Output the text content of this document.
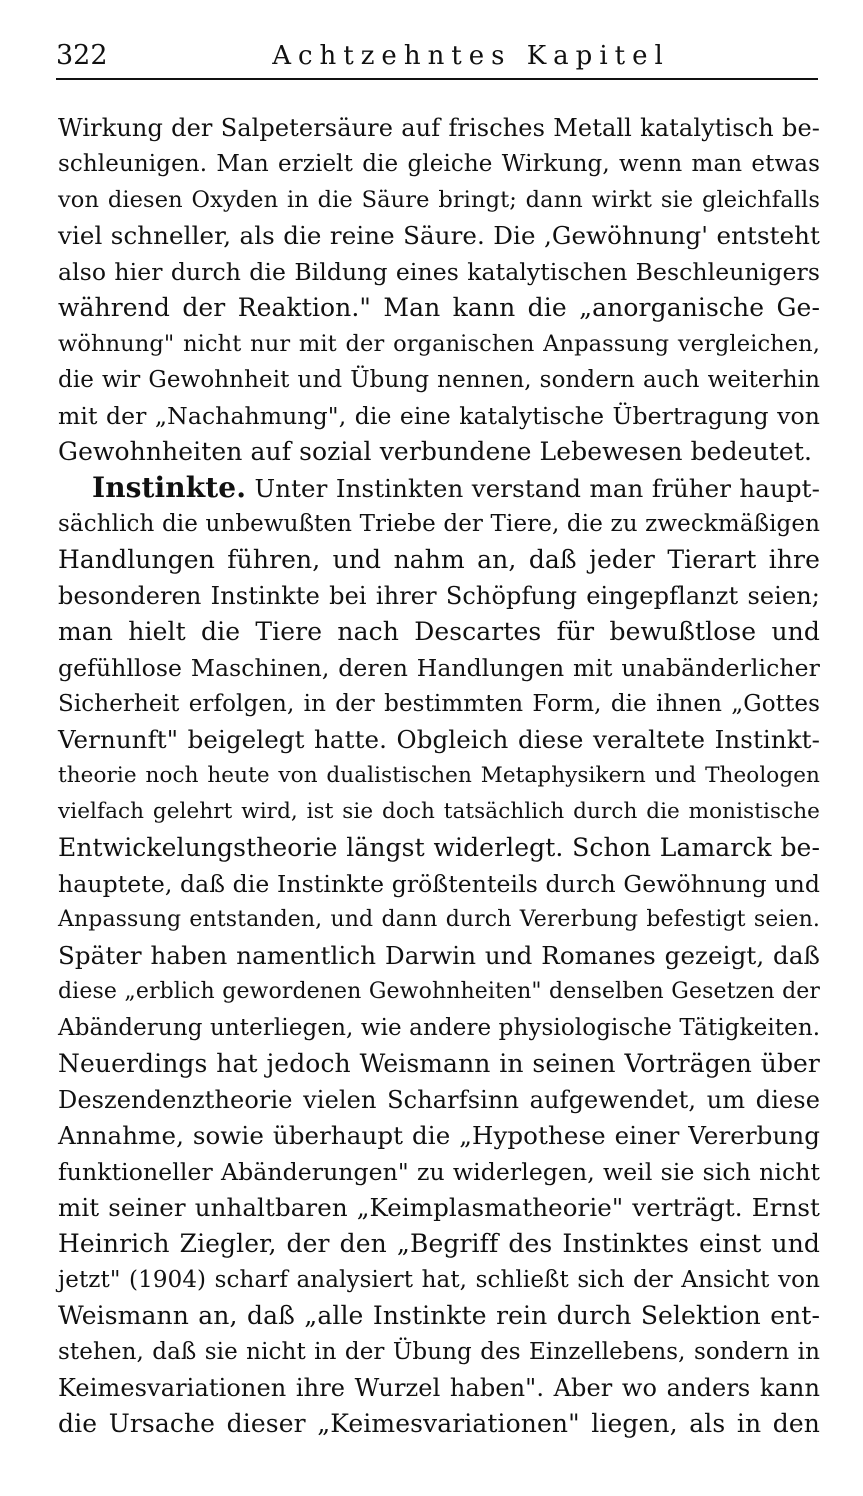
322	Achtzehntes Kapitel
Wirkung der Salpetersäure auf frisches Metall katalytisch be-
schleunigen. Man erzielt die gleiche Wirkung, wenn man etwas
von diesen Oxyden in die Säure bringt; dann wirkt sie gleichfalls
viel schneller, als die reine Säure. Die ‚Gewöhnung' entsteht
also hier durch die Bildung eines katalytischen Beschleunigers
während der Reaktion." Man kann die „anorganische Ge-
wöhnung" nicht nur mit der organischen Anpassung vergleichen,
die wir Gewohnheit und Übung nennen, sondern auch weiterhin
mit der „Nachahmung", die eine katalytische Übertragung von
Gewohnheiten auf sozial verbundene Lebewesen bedeutet.
Instinkte. Unter Instinkten verstand man früher haupt-
sächlich die unbewußten Triebe der Tiere, die zu zweckmäßigen
Handlungen führen, und nahm an, daß jeder Tierart ihre
besonderen Instinkte bei ihrer Schöpfung eingepflanzt seien;
man hielt die Tiere nach Descartes für bewußtlose und
gefühllose Maschinen, deren Handlungen mit unabänderlicher
Sicherheit erfolgen, in der bestimmten Form, die ihnen „Gottes
Vernunft" beigelegt hatte. Obgleich diese veraltete Instinkt-
theorie noch heute von dualistischen Metaphysikern und Theologen
vielfach gelehrt wird, ist sie doch tatsächlich durch die monistische
Entwickelungstheorie längst widerlegt. Schon Lamarck be-
hauptete, daß die Instinkte größtenteils durch Gewöhnung und
Anpassung entstanden, und dann durch Vererbung befestigt seien.
Später haben namentlich Darwin und Romanes gezeigt, daß
diese „erblich gewordenen Gewohnheiten" denselben Gesetzen der
Abänderung unterliegen, wie andere physiologische Tätigkeiten.
Neuerdings hat jedoch Weismann in seinen Vorträgen über
Deszendenztheorie vielen Scharfsinn aufgewendet, um diese
Annahme, sowie überhaupt die „Hypothese einer Vererbung
funktioneller Abänderungen" zu widerlegen, weil sie sich nicht
mit seiner unhaltbaren „Keimplasmatheorie" verträgt. Ernst
Heinrich Ziegler, der den „Begriff des Instinktes einst und
jetzt" (1904) scharf analysiert hat, schließt sich der Ansicht von
Weismann an, daß „alle Instinkte rein durch Selektion ent-
stehen, daß sie nicht in der Übung des Einzellebens, sondern in
Keimesvariationen ihre Wurzel haben". Aber wo anders kann
die Ursache dieser „Keimesvariationen" liegen, als in den
